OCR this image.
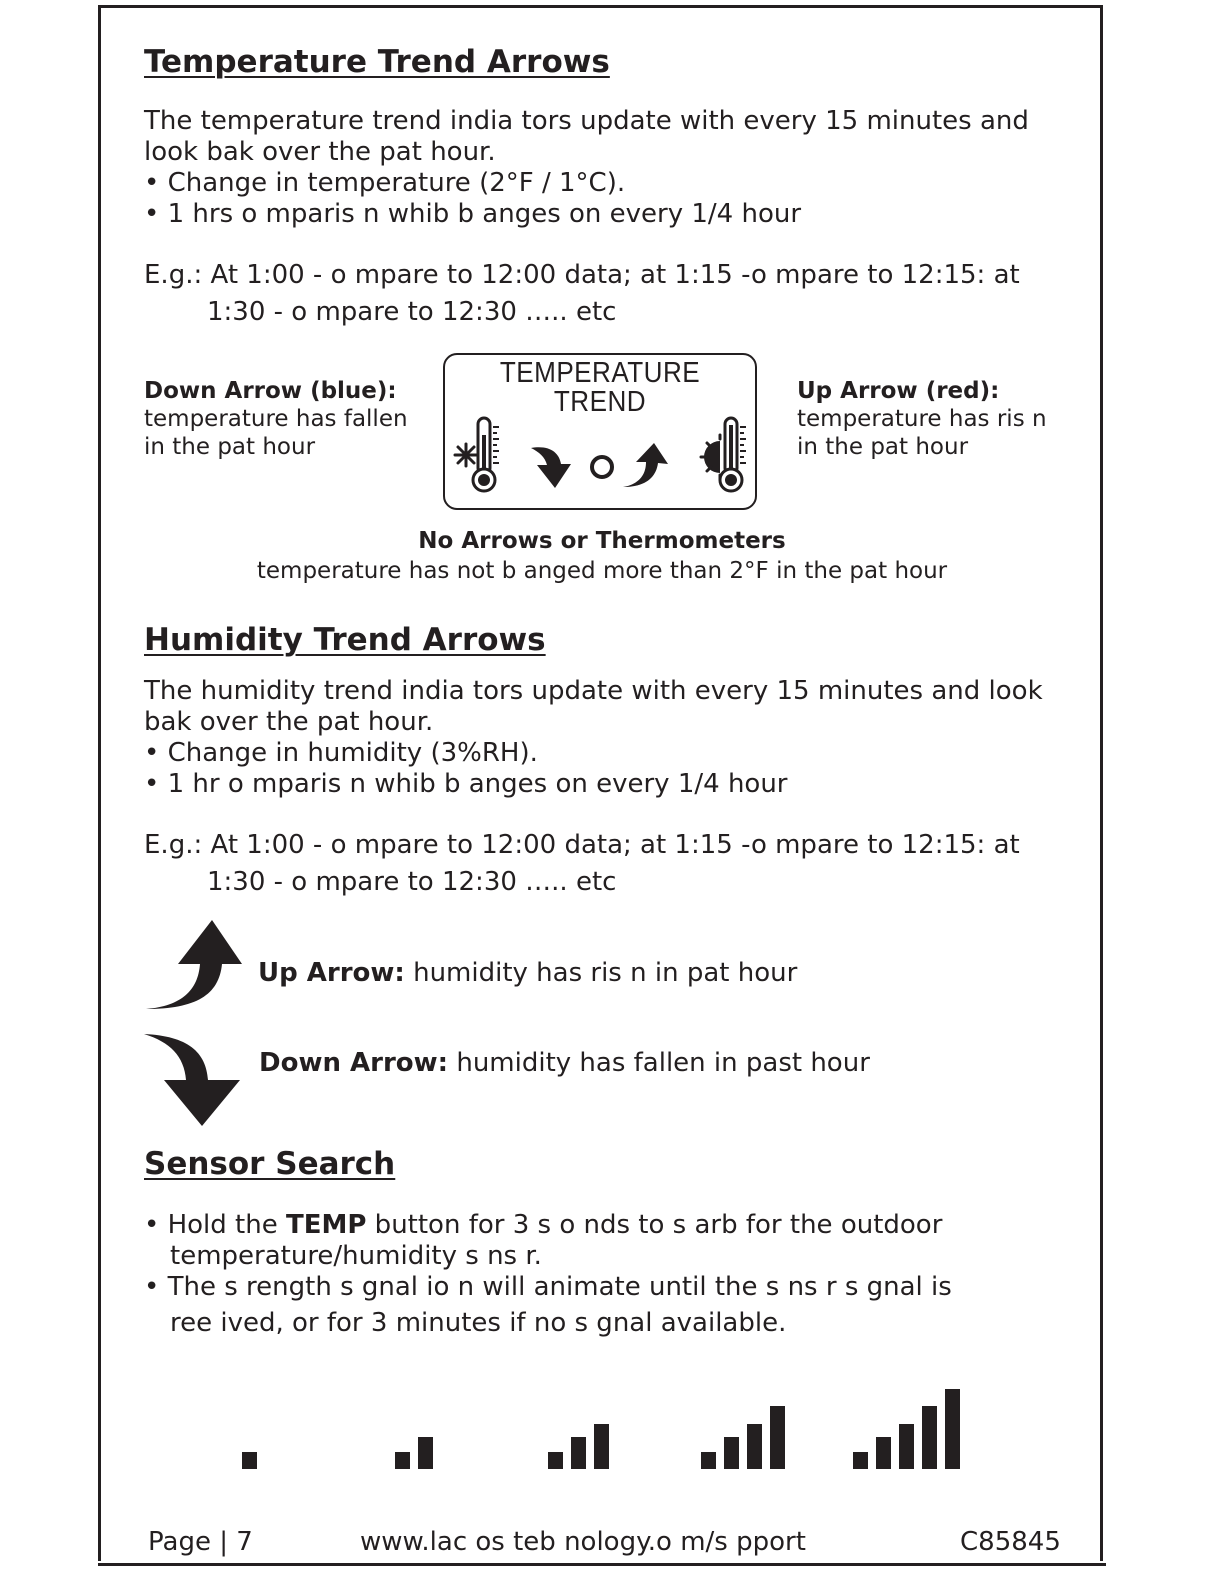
Temperature Trend Arrows
The temperature trend india tors update with every 15 minutes and
look bak over the pat hour.
• Change in temperature (2°F / 1°C).
• 1 hrs o mparis n whib b anges on every 1/4 hour
E.g.: At 1:00 - o mpare to 12:00 data; at 1:15 -o mpare to 12:15: at
1:30 - o mpare to 12:30 ….. etc
Down Arrow (blue):
temperature has fallen
in the pat hour
Up Arrow (red):
temperature has ris n
in the pat hour
TEMPERATURE
TREND
No Arrows or Thermometers
temperature has not b anged more than 2°F in the pat hour
Humidity Trend Arrows
The humidity trend india tors update with every 15 minutes and look
bak over the pat hour.
• Change in humidity (3%RH).
• 1 hr o mparis n whib b anges on every 1/4 hour
E.g.: At 1:00 - o mpare to 12:00 data; at 1:15 -o mpare to 12:15: at
1:30 - o mpare to 12:30 ….. etc
Up Arrow: humidity has ris n in pat hour
Down Arrow: humidity has fallen in past hour
Sensor Search
• Hold the TEMP button for 3 s o nds to s arb for the outdoor
temperature/humidity s ns r.
• The s rength s gnal io n will animate until the s ns r s gnal is
ree ived, or for 3 minutes if no s gnal available.
Page | 7	www.lac os teb nology.o m/s pport	C85845
